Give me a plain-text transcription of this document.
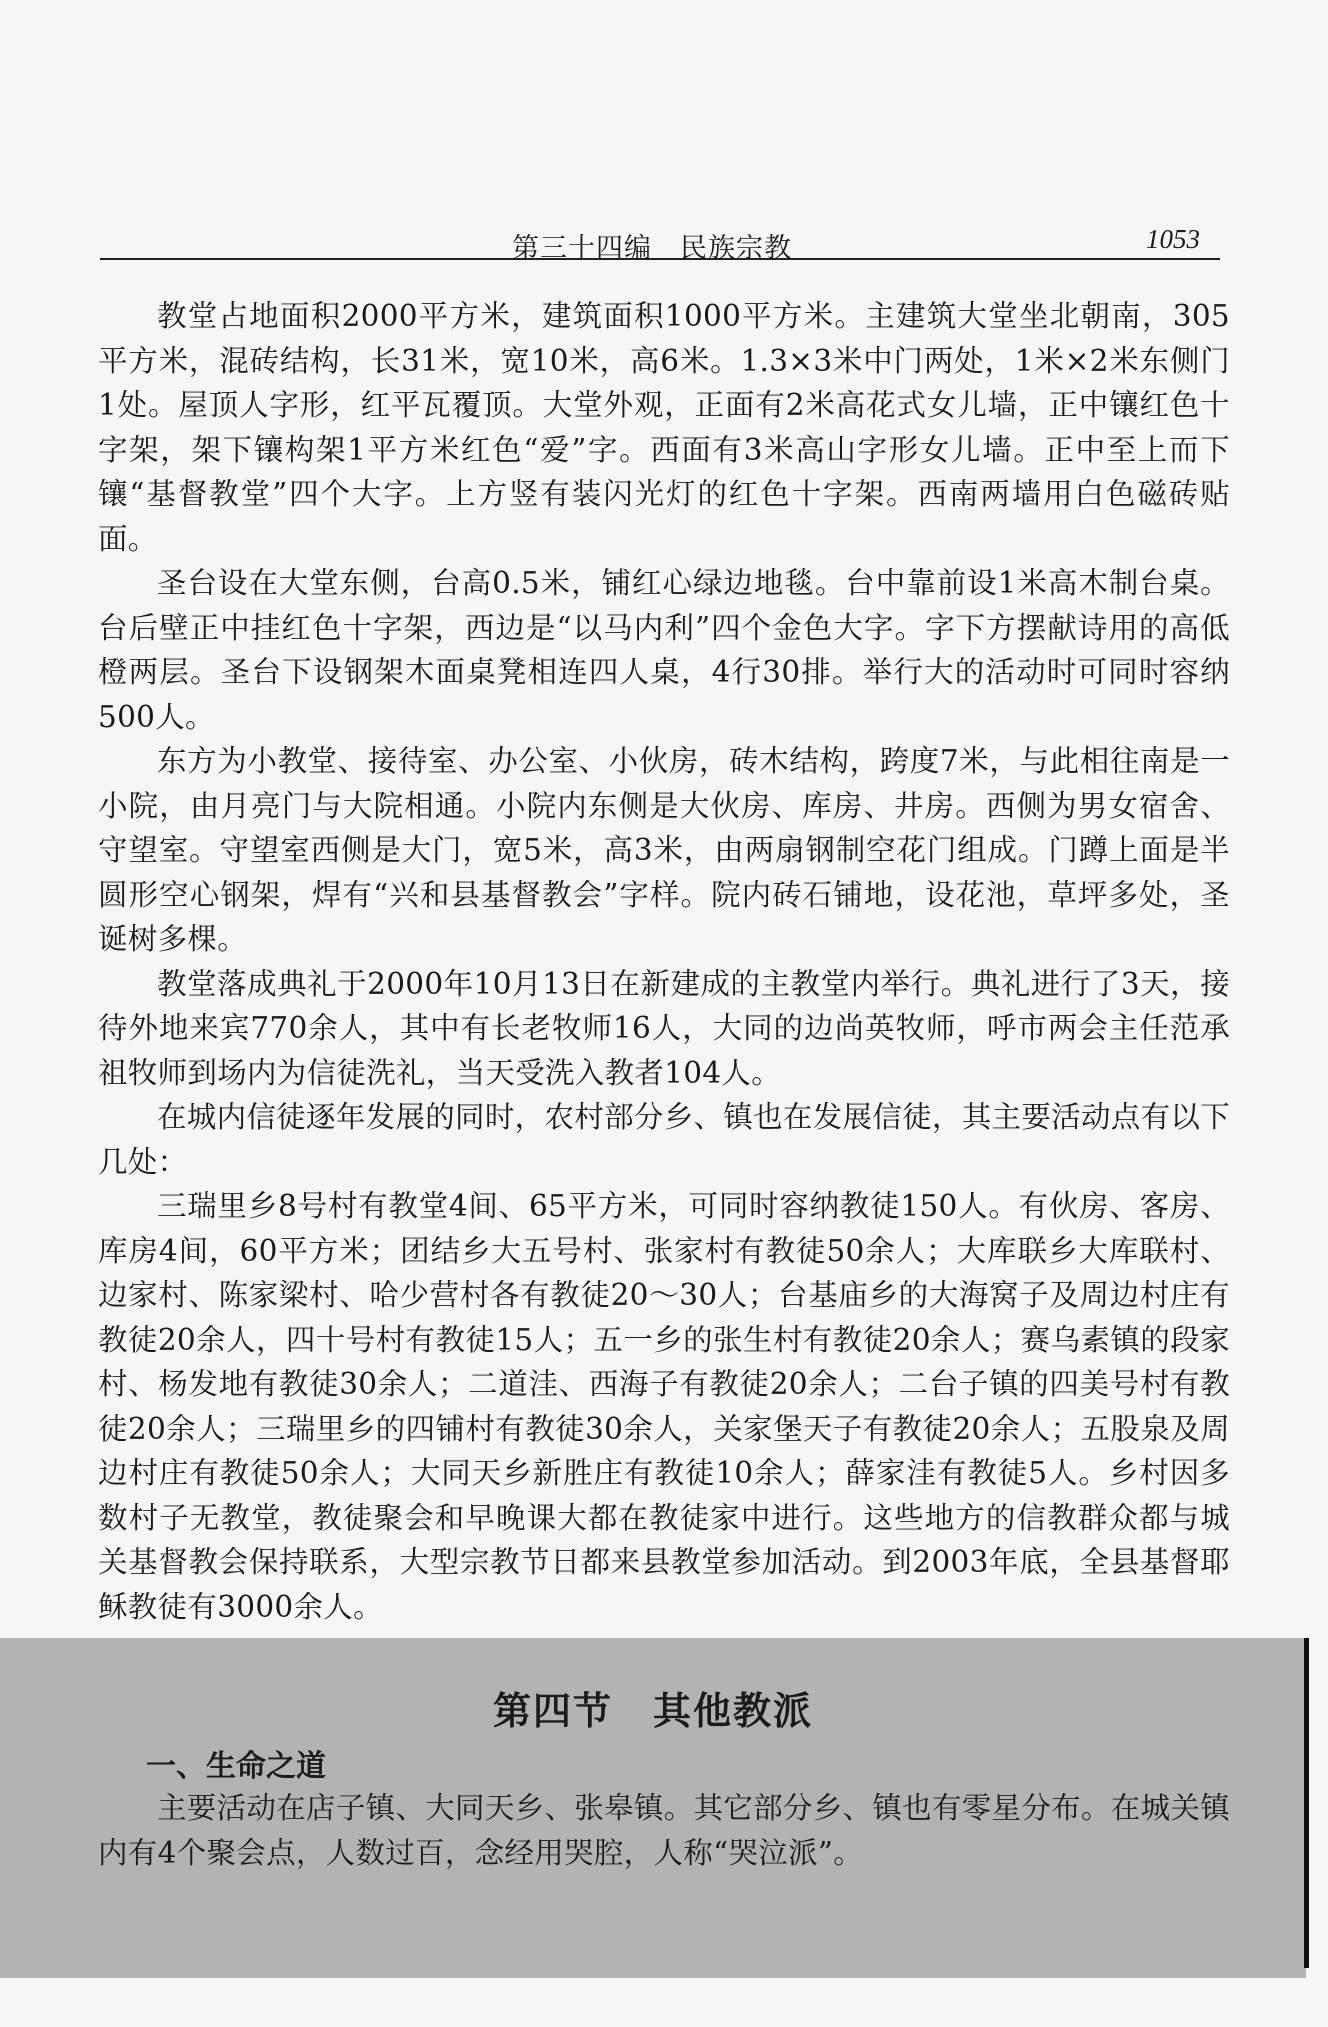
第三十四编　民族宗教	1053

教堂占地面积2000平方米，建筑面积1000平方米。主建筑大堂坐北朝南，305平方米，混砖结构，长31米，宽10米，高6米。1.3×3米中门两处，1米×2米东侧门1处。屋顶人字形，红平瓦覆顶。大堂外观，正面有2米高花式女儿墙，正中镶红色十字架，架下镶构架1平方米红色“爱”字。西面有3米高山字形女儿墙。正中至上而下镶“基督教堂”四个大字。上方竖有装闪光灯的红色十字架。西南两墙用白色磁砖贴面。

圣台设在大堂东侧，台高0.5米，铺红心绿边地毯。台中靠前设1米高木制台桌。台后壁正中挂红色十字架，西边是“以马内利”四个金色大字。字下方摆献诗用的高低橙两层。圣台下设钢架木面桌凳相连四人桌，4行30排。举行大的活动时可同时容纳500人。

东方为小教堂、接待室、办公室、小伙房，砖木结构，跨度7米，与此相往南是一小院，由月亮门与大院相通。小院内东侧是大伙房、库房、井房。西侧为男女宿舍、守望室。守望室西侧是大门，宽5米，高3米，由两扇钢制空花门组成。门蹲上面是半圆形空心钢架，焊有“兴和县基督教会”字样。院内砖石铺地，设花池，草坪多处，圣诞树多棵。

教堂落成典礼于2000年10月13日在新建成的主教堂内举行。典礼进行了3天，接待外地来宾770余人，其中有长老牧师16人，大同的边尚英牧师，呼市两会主任范承祖牧师到场内为信徒洗礼，当天受洗入教者104人。

在城内信徒逐年发展的同时，农村部分乡、镇也在发展信徒，其主要活动点有以下几处：

三瑞里乡8号村有教堂4间、65平方米，可同时容纳教徒150人。有伙房、客房、库房4间，60平方米；团结乡大五号村、张家村有教徒50余人；大库联乡大库联村、边家村、陈家梁村、哈少营村各有教徒20～30人；台基庙乡的大海窝子及周边村庄有教徒20余人，四十号村有教徒15人；五一乡的张生村有教徒20余人；赛乌素镇的段家村、杨发地有教徒30余人；二道洼、西海子有教徒20余人；二台子镇的四美号村有教徒20余人；三瑞里乡的四铺村有教徒30余人，关家堡天子有教徒20余人；五股泉及周边村庄有教徒50余人；大同天乡新胜庄有教徒10余人；薛家洼有教徒5人。乡村因多数村子无教堂，教徒聚会和早晚课大都在教徒家中进行。这些地方的信教群众都与城关基督教会保持联系，大型宗教节日都来县教堂参加活动。到2003年底，全县基督耶稣教徒有3000余人。

第四节　其他教派
一、生命之道

主要活动在店子镇、大同天乡、张皋镇。其它部分乡、镇也有零星分布。在城关镇内有4个聚会点，人数过百，念经用哭腔，人称“哭泣派”。
